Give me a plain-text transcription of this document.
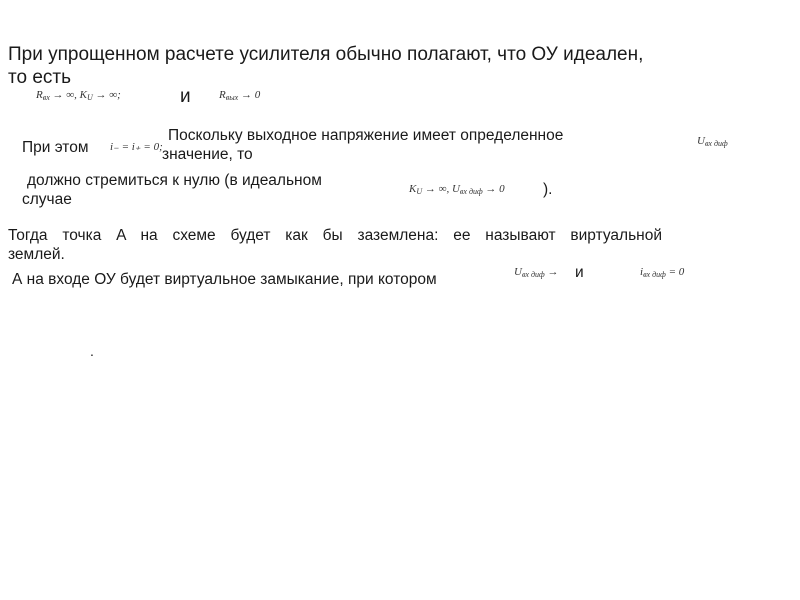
При упрощенном расчете усилителя обычно полагают, что ОУ идеален,

то есть

$R_{вх}$ → ∞, $K_U$ → ∞;	и	$R_{вых} \to 0$

При этом i₋ = i₊ = 0;

Поскольку выходное напряжение имеет определенное

значение, то

$U_{вх диф}$

должно стремиться к нулю (в идеальном

случае

$K_U$ → ∞, $U_{вх диф} \to 0$ ).

Тогда точка A на схеме будет как бы заземлена: ее называют виртуальной

землей.

А на входе ОУ будет виртуальное замыкание, при котором	$U_{вх диф} \to и$	$i_{вх диф} = 0$

.
